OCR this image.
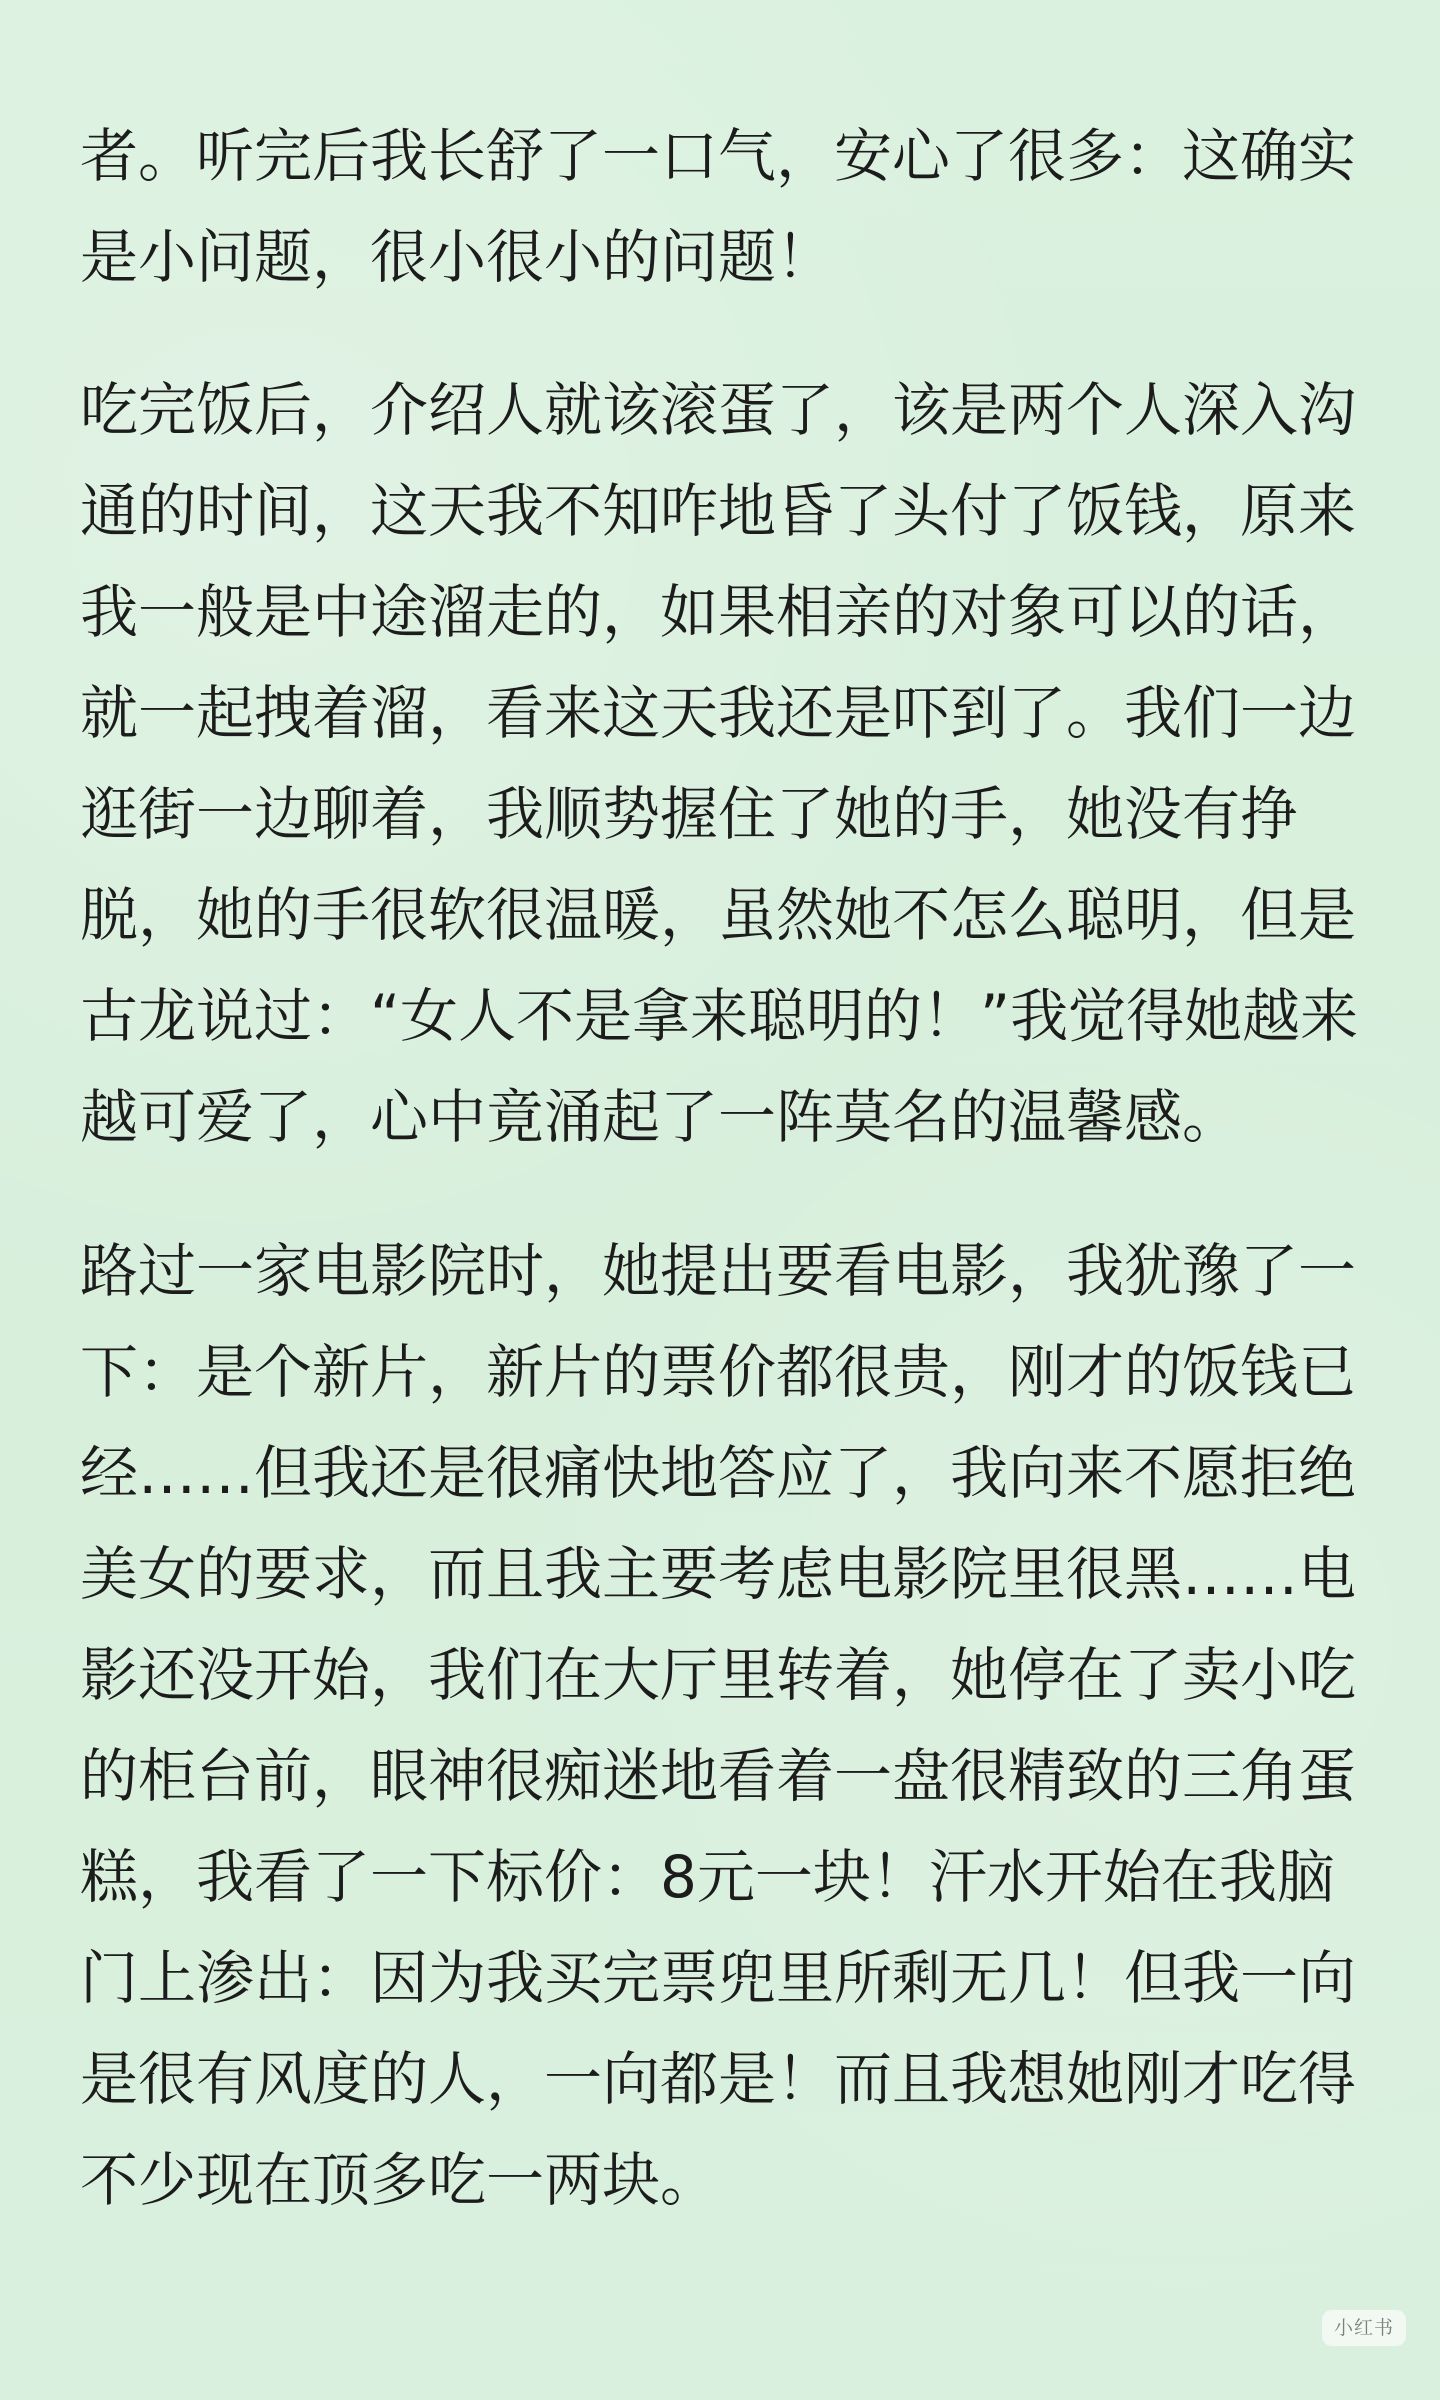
者。听完后我长舒了一口气，安心了很多：这确实是小问题，很小很小的问题！

吃完饭后，介绍人就该滚蛋了，该是两个人深入沟通的时间，这天我不知咋地昏了头付了饭钱，原来我一般是中途溜走的，如果相亲的对象可以的话，就一起拽着溜，看来这天我还是吓到了。我们一边逛街一边聊着，我顺势握住了她的手，她没有挣脱，她的手很软很温暖，虽然她不怎么聪明，但是古龙说过：“女人不是拿来聪明的！”我觉得她越来越可爱了，心中竟涌起了一阵莫名的温馨感。

路过一家电影院时，她提出要看电影，我犹豫了一下：是个新片，新片的票价都很贵，刚才的饭钱已经……但我还是很痛快地答应了，我向来不愿拒绝美女的要求，而且我主要考虑电影院里很黑……电影还没开始，我们在大厅里转着，她停在了卖小吃的柜台前，眼神很痴迷地看着一盘很精致的三角蛋糕，我看了一下标价：8元一块！汗水开始在我脑门上渗出：因为我买完票兜里所剩无几！但我一向是很有风度的人，一向都是！而且我想她刚才吃得不少现在顶多吃一两块。

小红书
